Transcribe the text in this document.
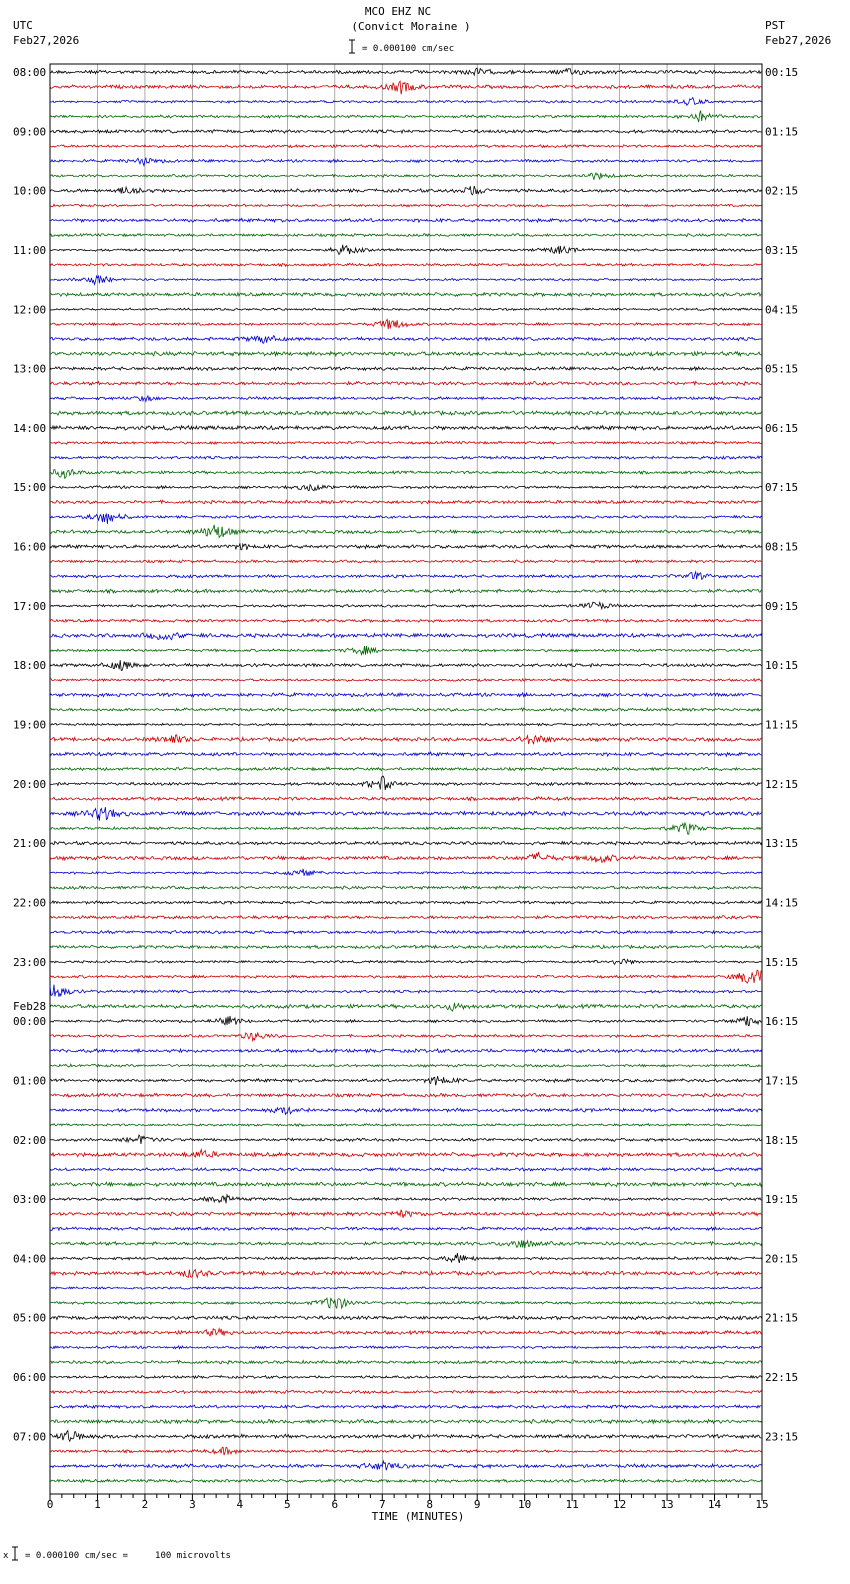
MCO EHZ NC
(Convict Moraine )
= 0.000100 cm/sec
UTC
Feb27,2026
PST
Feb27,2026
08:00
09:00
10:00
11:00
12:00
13:00
14:00
15:00
16:00
17:00
18:00
19:00
20:00
21:00
22:00
23:00
00:00
Feb28
01:00
02:00
03:00
04:00
05:00
06:00
07:00
00:15
01:15
02:15
03:15
04:15
05:15
06:15
07:15
08:15
09:15
10:15
11:15
12:15
13:15
14:15
15:15
16:15
17:15
18:15
19:15
20:15
21:15
22:15
23:15
0	1	2	3	4	5	6	7	8	9	10	11	12	13	14	15
TIME (MINUTES)
x = 0.000100 cm/sec =     100 microvolts
